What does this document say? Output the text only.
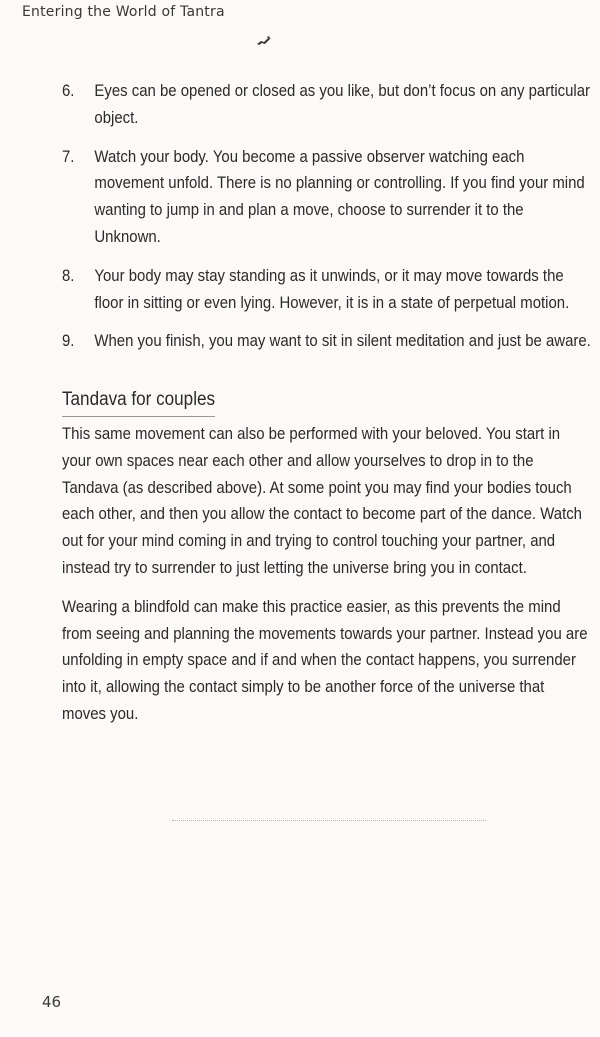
Entering the World of Tantra
6. Eyes can be opened or closed as you like, but don’t focus on any particular object.
7. Watch your body. You become a passive observer watching each movement unfold. There is no planning or controlling. If you find your mind wanting to jump in and plan a move, choose to surrender it to the Unknown.
8. Your body may stay standing as it unwinds, or it may move towards the floor in sitting or even lying. However, it is in a state of perpetual motion.
9. When you finish, you may want to sit in silent meditation and just be aware.
Tandava for couples

This same movement can also be performed with your beloved. You start in your own spaces near each other and allow yourselves to drop in to the Tandava (as described above). At some point you may find your bodies touch each other, and then you allow the contact to become part of the dance. Watch out for your mind coming in and trying to control touching your partner, and instead try to surrender to just letting the universe bring you in contact.

Wearing a blindfold can make this practice easier, as this prevents the mind from seeing and planning the movements towards your partner. Instead you are unfolding in empty space and if and when the contact happens, you surrender into it, allowing the contact simply to be another force of the universe that moves you.

46
